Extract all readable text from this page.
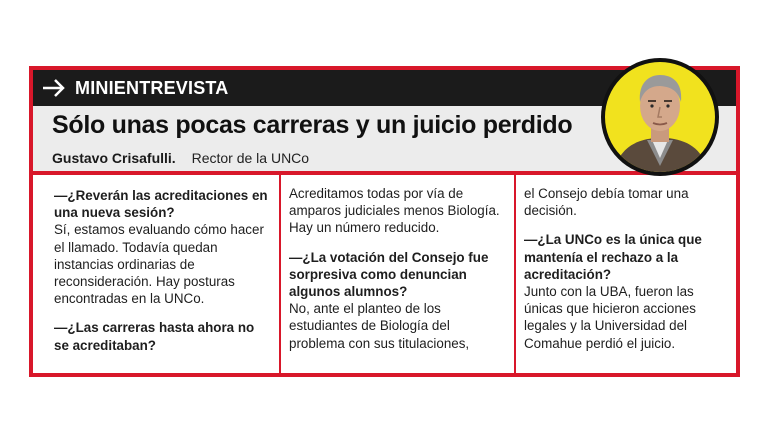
MINIENTREVISTA
Sólo unas pocas carreras y un juicio perdido
Gustavo Crisafulli. Rector de la UNCo

—¿Reverán las acreditaciones en una nueva sesión?
Sí, estamos evaluando cómo hacer el llamado. Todavía quedan instancias ordinarias de reconsideración. Hay posturas encontradas en la UNCo.

—¿Las carreras hasta ahora no se acreditaban?

Acreditamos todas por vía de amparos judiciales menos Biología. Hay un número reducido.

—¿La votación del Consejo fue sorpresiva como denuncian algunos alumnos?
No, ante el planteo de los estudiantes de Biología del problema con sus titulaciones,

el Consejo debía tomar una decisión.

—¿La UNCo es la única que mantenía el rechazo a la acreditación?
Junto con la UBA, fueron las únicas que hicieron acciones legales y la Universidad del Comahue perdió el juicio.
